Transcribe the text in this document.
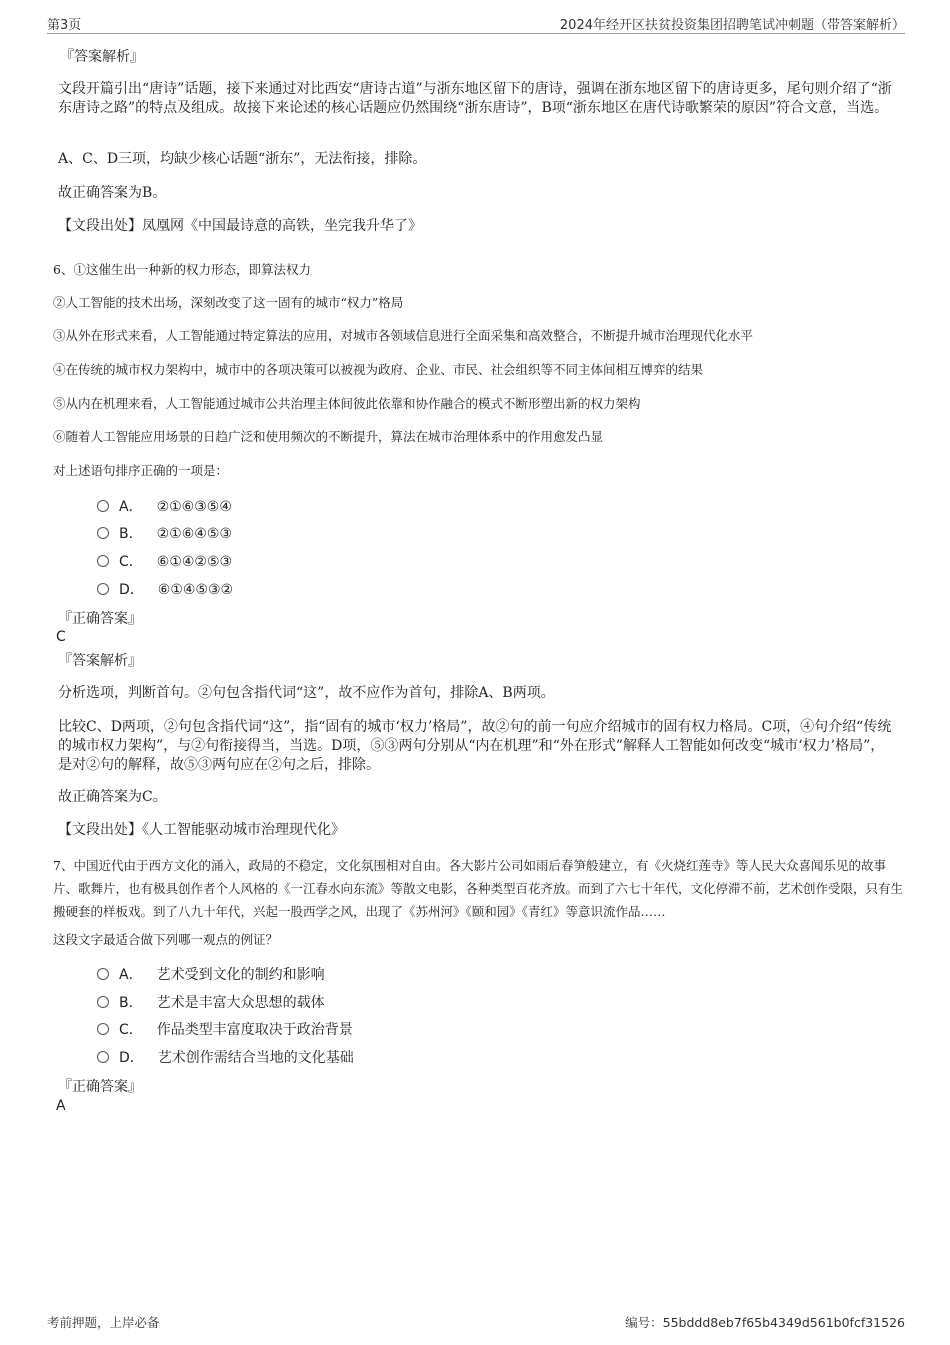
第3页	2024年经开区扶贫投资集团招聘笔试冲刺题（带答案解析）
『答案解析』
文段开篇引出“唐诗”话题，接下来通过对比西安“唐诗古道”与浙东地区留下的唐诗，强调在浙东地区留下的唐诗更多，尾句则介绍了“浙东唐诗之路”的特点及组成。故接下来论述的核心话题应仍然围绕“浙东唐诗”，B项“浙东地区在唐代诗歌繁荣的原因”符合文意，当选。
A、C、D三项，均缺少核心话题“浙东”，无法衔接，排除。
故正确答案为B。
【文段出处】凤凰网《中国最诗意的高铁，坐完我升华了》
6、①这催生出一种新的权力形态，即算法权力
②人工智能的技术出场，深刻改变了这一固有的城市“权力”格局
③从外在形式来看，人工智能通过特定算法的应用，对城市各领域信息进行全面采集和高效整合，不断提升城市治理现代化水平
④在传统的城市权力架构中，城市中的各项决策可以被视为政府、企业、市民、社会组织等不同主体间相互博弈的结果
⑤从内在机理来看，人工智能通过城市公共治理主体间彼此依靠和协作融合的模式不断形塑出新的权力架构
⑥随着人工智能应用场景的日趋广泛和使用频次的不断提升，算法在城市治理体系中的作用愈发凸显
对上述语句排序正确的一项是：
A． ②①⑥③⑤④
B． ②①⑥④⑤③
C． ⑥①④②⑤③
D． ⑥①④⑤③②
『正确答案』
C
『答案解析』
分析选项，判断首句。②句包含指代词“这”，故不应作为首句，排除A、B两项。
比较C、D两项，②句包含指代词“这”，指“固有的城市‘权力’格局”，故②句的前一句应介绍城市的固有权力格局。C项，④句介绍“传统的城市权力架构”，与②句衔接得当，当选。D项，⑤③两句分别从“内在机理”和“外在形式”解释人工智能如何改变“城市‘权力’格局”，是对②句的解释，故⑤③两句应在②句之后，排除。
故正确答案为C。
【文段出处】《人工智能驱动城市治理现代化》
7、中国近代由于西方文化的涌入，政局的不稳定，文化氛围相对自由。各大影片公司如雨后春笋般建立，有《火烧红莲寺》等人民大众喜闻乐见的故事片、歌舞片，也有极具创作者个人风格的《一江春水向东流》等散文电影，各种类型百花齐放。而到了六七十年代，文化停滞不前，艺术创作受限，只有生搬硬套的样板戏。到了八九十年代，兴起一股西学之风，出现了《苏州河》《颐和园》《青红》等意识流作品……
这段文字最适合做下列哪一观点的例证？
A． 艺术受到文化的制约和影响
B． 艺术是丰富大众思想的载体
C． 作品类型丰富度取决于政治背景
D． 艺术创作需结合当地的文化基础
『正确答案』
A
考前押题，上岸必备	编号：55bddd8eb7f65b4349d561b0fcf31526
